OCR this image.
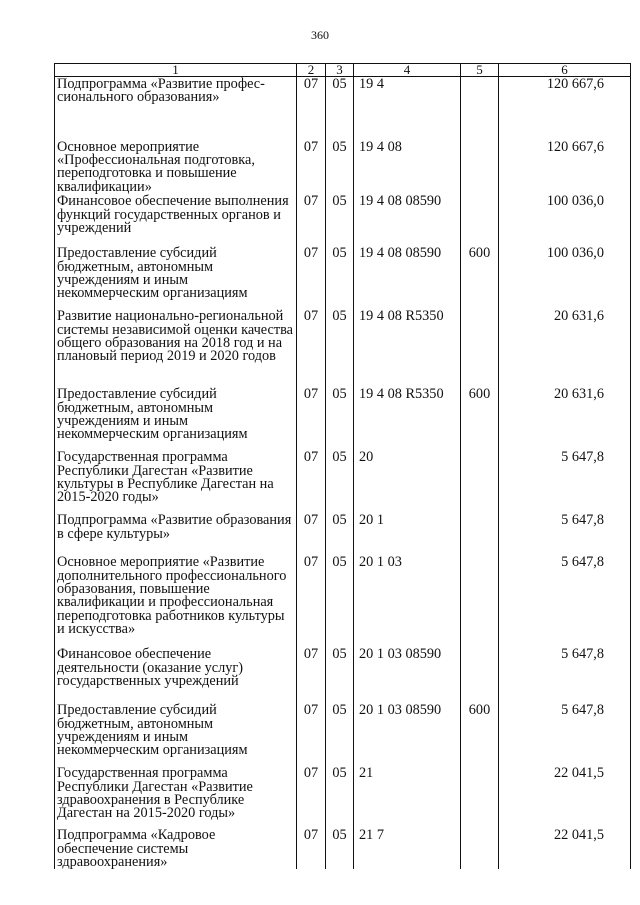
360
1	2	3	4	5	6
Подпрограмма «Развитие профес-сионального образования»	07	05	19 4		120 667,6
Основное мероприятие «Профессиональная подготовка, переподготовка и повышение квалификации»	07	05	19 4 08		120 667,6
Финансовое обеспечение выполнения функций государственных органов и учреждений	07	05	19 4 08 08590		100 036,0
Предоставление субсидий бюджетным, автономным учреждениям и иным некоммерческим организациям	07	05	19 4 08 08590	600	100 036,0
Развитие национально-региональной системы независимой оценки качества общего образования на 2018 год и на плановый период 2019 и 2020 годов	07	05	19 4 08 R5350		20 631,6
Предоставление субсидий бюджетным, автономным учреждениям и иным некоммерческим организациям	07	05	19 4 08 R5350	600	20 631,6
Государственная программа Республики Дагестан «Развитие культуры в Республике Дагестан на 2015-2020 годы»	07	05	20		5 647,8
Подпрограмма «Развитие образования в сфере культуры»	07	05	20 1		5 647,8
Основное мероприятие «Развитие дополнительного профессионального образования, повышение квалификации и профессиональная переподготовка работников культуры и искусства»	07	05	20 1 03		5 647,8
Финансовое обеспечение деятельности (оказание услуг) государственных учреждений	07	05	20 1 03 08590		5 647,8
Предоставление субсидий бюджетным, автономным учреждениям и иным некоммерческим организациям	07	05	20 1 03 08590	600	5 647,8
Государственная программа Республики Дагестан «Развитие здравоохранения в Республике Дагестан на 2015-2020 годы»	07	05	21		22 041,5
Подпрограмма «Кадровое обеспечение системы здравоохранения»	07	05	21 7		22 041,5
